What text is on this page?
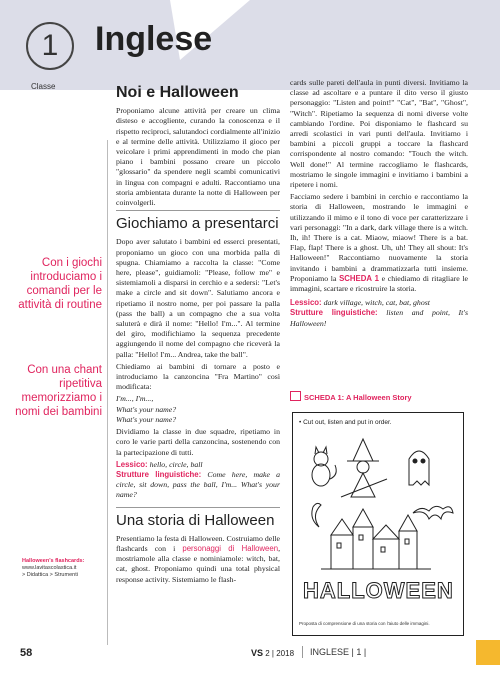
1
Classe
Inglese
Con i giochi introduciamo i comandi per le attività di routine
Con una chant ripetitiva memorizziamo i nomi dei bambini
Halloween's flashcards:
www.lavitascolastica.it
> Didattica > Strumenti
Noi e Halloween

Proponiamo alcune attività per creare un clima disteso e accogliente, curando la conoscenza e il rispetto reciproci, salutandoci cordialmente all'inizio e al termine delle attività. Utilizziamo il gioco per veicolare i primi apprendimenti in modo che pian piano i bambini possano creare un piccolo "glossario" da spendere negli scambi comunicativi in lingua con compagni e adulti. Raccontiamo una storia ambientata durante la notte di Halloween per coinvolgerli.

Giochiamo a presentarci

Dopo aver salutato i bambini ed esserci presentati, proponiamo un gioco con una morbida palla di spugna. Chiamiamo a raccolta la classe: "Come here, please", guidiamoli: "Please, follow me" e sistemiamoli a disparsi in cerchio e a sedersi: "Let's make a circle and sit down". Salutiamo ancora e ripetiamo il nostro nome, per poi passare la palla (pass the ball) a un compagno che a sua volta saluterà e dirà il nome: "Hello! I'm...". Al termine del giro, modifichiamo la sequenza precedente aggiungendo il nome del compagno che riceverà la palla: "Hello! I'm... Andrea, take the ball".

Chiediamo ai bambini di tornare a posto e introduciamo la canzoncina "Fra Martino" così modificata:

I'm..., I'm...,

What's your name?

What's your name?

Dividiamo la classe in due squadre, ripetiamo in coro le varie parti della canzoncina, sostenendo con la partecipazione di tutti.

Lessico: hello, circle, ball

Strutture linguistiche: Come here, make a circle, sit down, pass the ball, I'm... What's your name?

Una storia di Halloween

Presentiamo la festa di Halloween. Costruiamo delle flashcards con i personaggi di Halloween, mostriamole alla classe e nominiamole: witch, bat, cat, ghost. Proponiamo quindi una total physical response activity. Sistemiamo le flash-

cards sulle pareti dell'aula in punti diversi. Invitiamo la classe ad ascoltare e a puntare il dito verso il giusto personaggio: "Listen and point!" "Cat", "Bat", "Ghost", "Witch". Ripetiamo la sequenza di nomi diverse volte cambiando l'ordine. Poi disponiamo le flashcard su arredi scolastici in vari punti dell'aula. Invitiamo i bambini a piccoli gruppi a toccare la flashcard corrispondente al nostro comando: "Touch the witch. Well done!" Al termine raccogliamo le flashcards, mostriamo le singole immagini e invitiamo i bambini a ripetere i nomi.

Facciamo sedere i bambini in cerchio e raccontiamo la storia di Halloween, mostrando le immagini e utilizzando il mimo e il tono di voce per caratterizzare i vari personaggi: "In a dark, dark village there is a witch. Ih, ih! There is a cat. Miaow, miaow! There is a bat. Flap, flap! There is a ghost. Uh, uh! They all shout: It's Halloween!" Raccontiamo nuovamente la storia invitando i bambini a drammatizzarla tutti insieme. Proponiamo la SCHEDA 1 e chiediamo di ritagliare le immagini, scartare e ricostruire la storia.

Lessico: dark village, witch, cat, bat, ghost

Strutture linguistiche: listen and point, It's Halloween!

SCHEDA 1: A Halloween Story
• Cut out, listen and put in order.
HALLOWEEN
Proposta di comprensione di una storia con l'aiuto delle immagini.
58	VS 2 | 2018 INGLESE | 1 |
